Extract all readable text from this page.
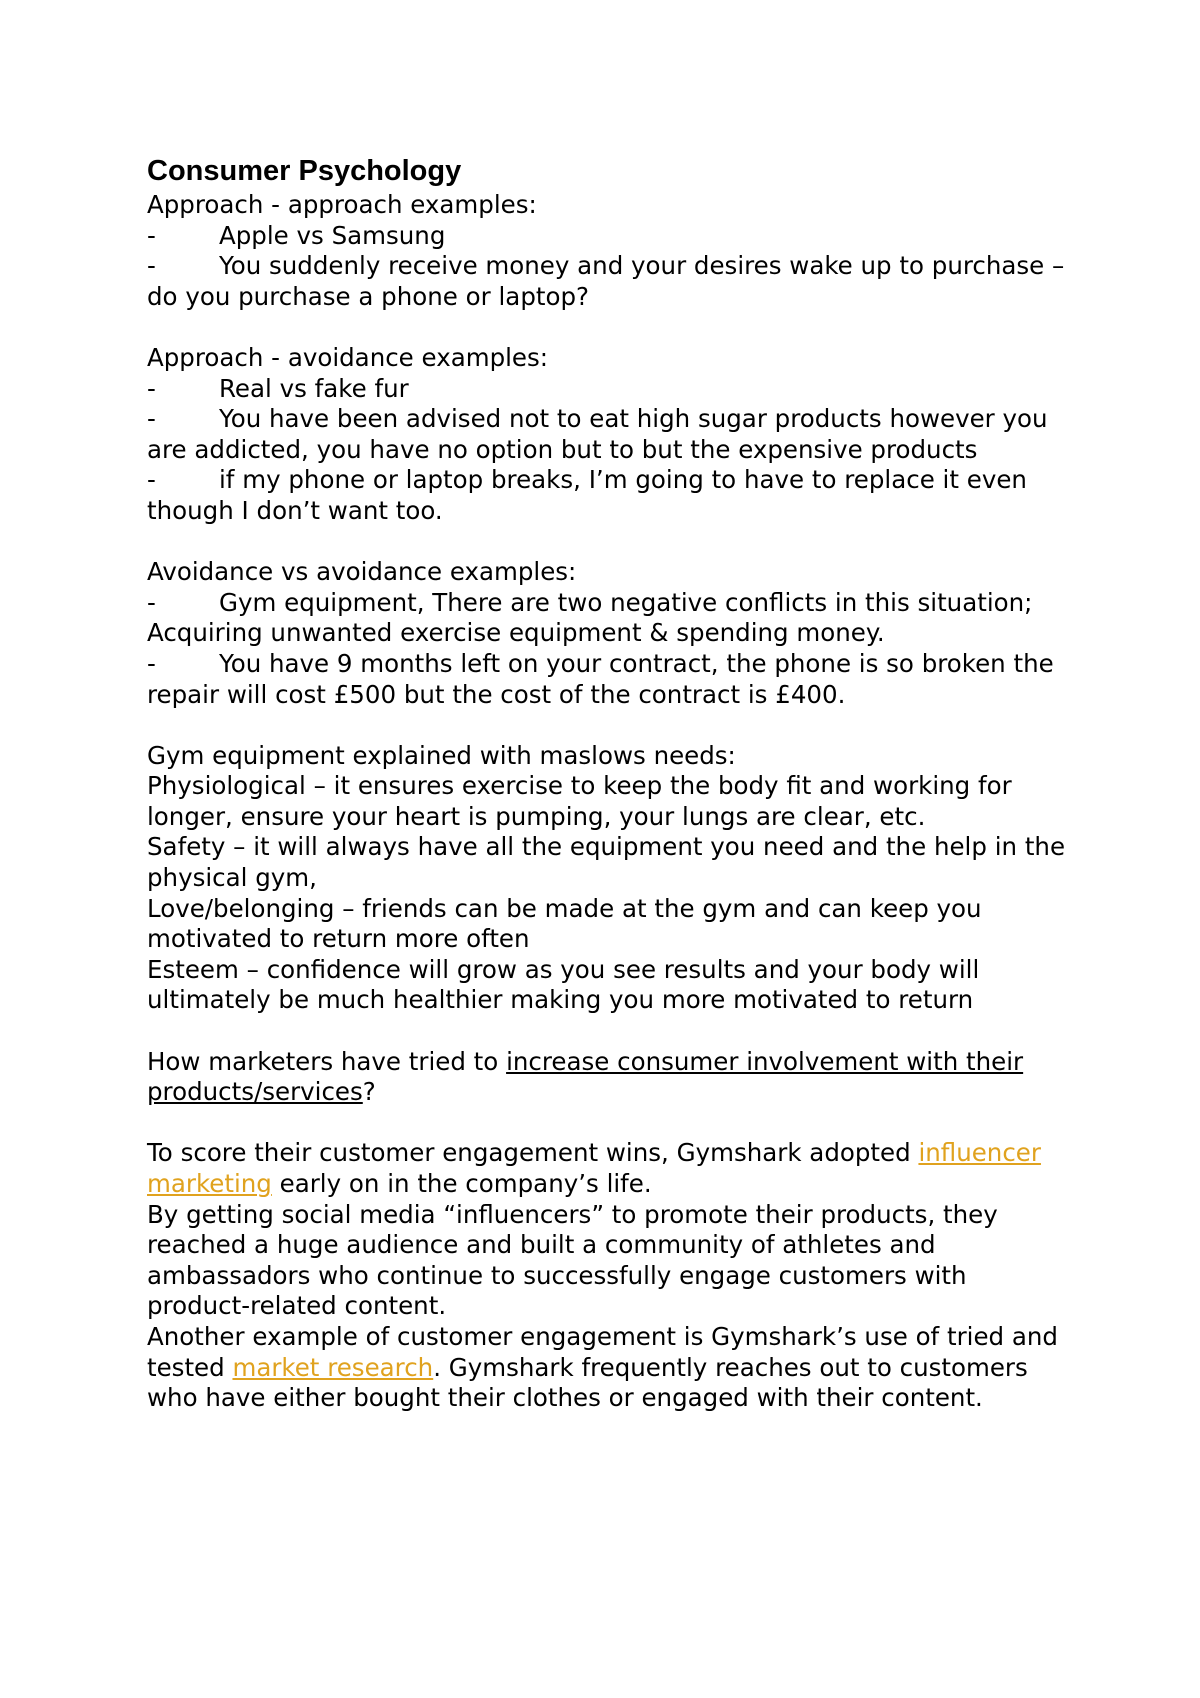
Consumer Psychology

Approach - approach examples:

-	Apple vs Samsung

-	You suddenly receive money and your desires wake up to purchase – do you purchase a phone or laptop?

Approach - avoidance examples:

-	Real vs fake fur

-	You have been advised not to eat high sugar products however you are addicted, you have no option but to but the expensive products

-	if my phone or laptop breaks, I’m going to have to replace it even though I don’t want too.

Avoidance vs avoidance examples:

-	Gym equipment, There are two negative conflicts in this situation; Acquiring unwanted exercise equipment & spending money.

-	You have 9 months left on your contract, the phone is so broken the repair will cost £500 but the cost of the contract is £400.

Gym equipment explained with maslows needs:

Physiological – it ensures exercise to keep the body fit and working for longer, ensure your heart is pumping, your lungs are clear, etc.

Safety – it will always have all the equipment you need and the help in the physical gym,

Love/belonging – friends can be made at the gym and can keep you motivated to return more often

Esteem – confidence will grow as you see results and your body will ultimately be much healthier making you more motivated to return

How marketers have tried to increase consumer involvement with their products/services?

To score their customer engagement wins, Gymshark adopted influencer marketing early on in the company’s life.

By getting social media “influencers” to promote their products, they reached a huge audience and built a community of athletes and ambassadors who continue to successfully engage customers with product-related content.

Another example of customer engagement is Gymshark’s use of tried and tested market research. Gymshark frequently reaches out to customers who have either bought their clothes or engaged with their content.
